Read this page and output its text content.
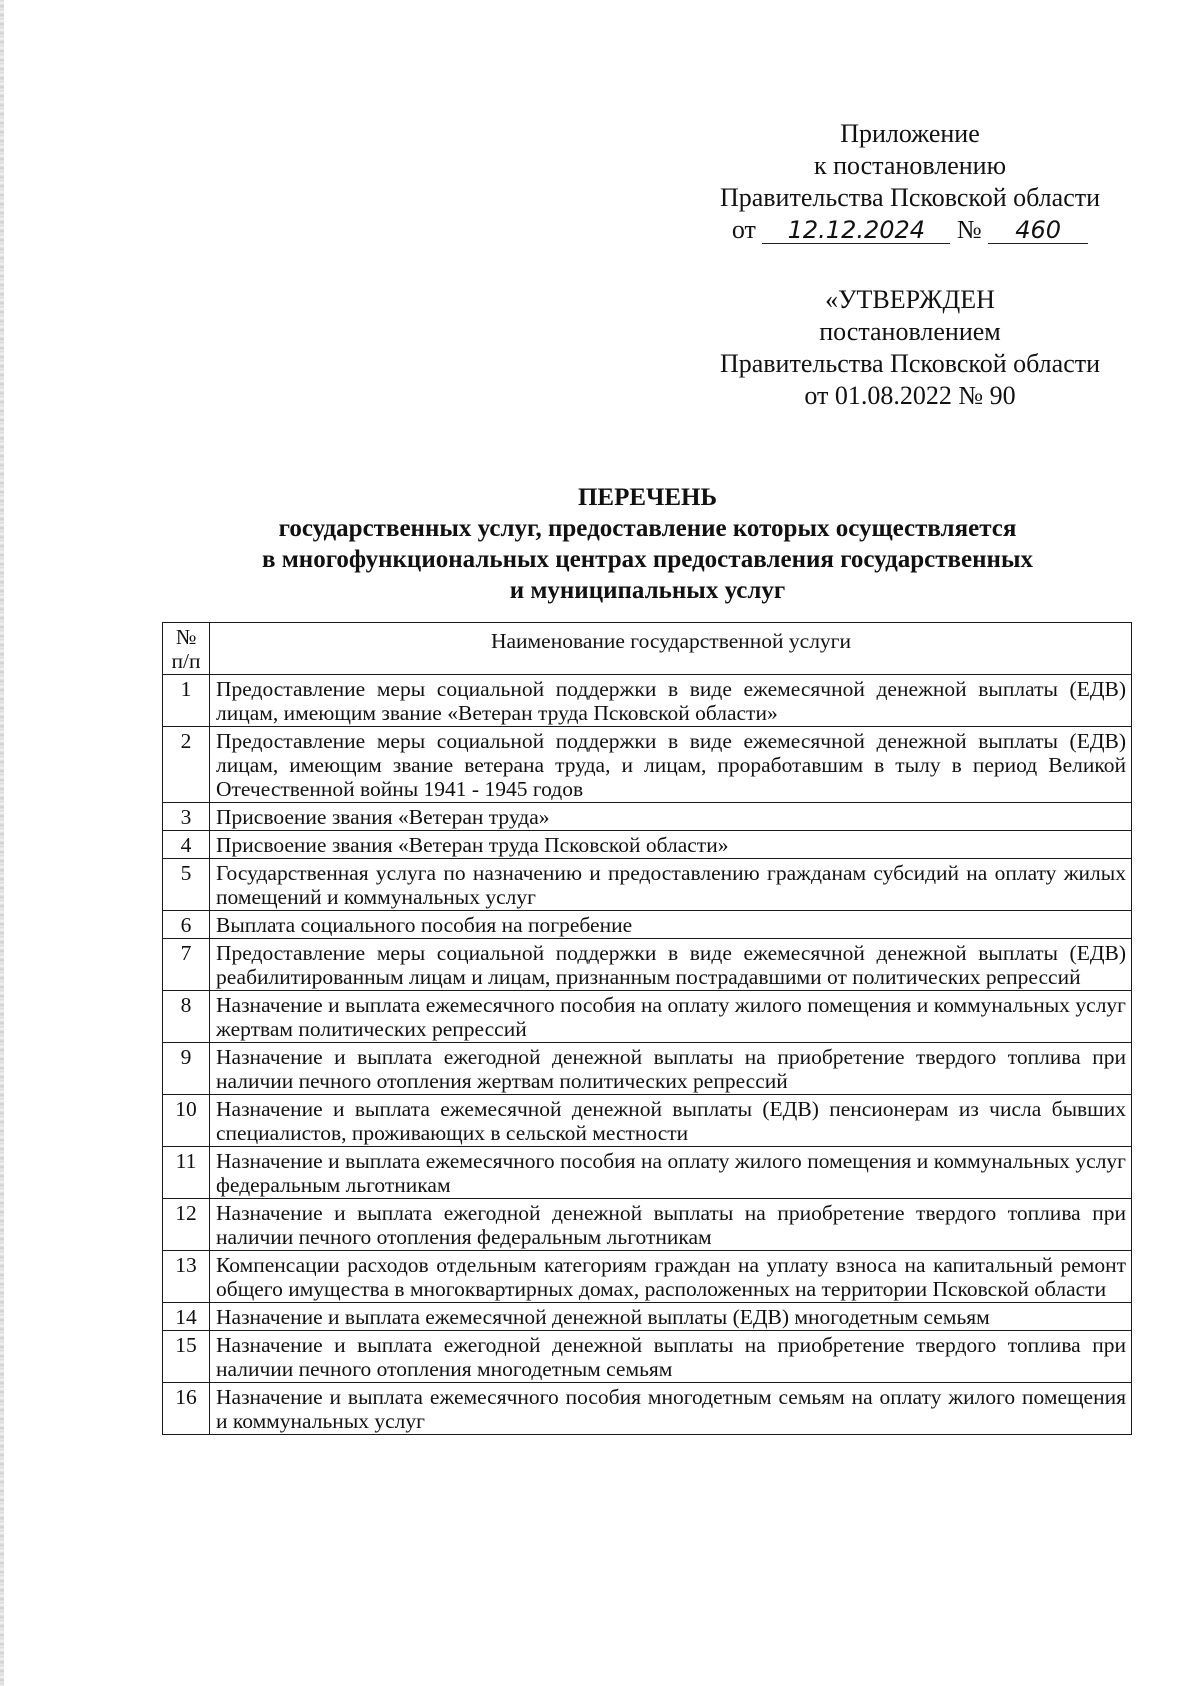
Приложение
к постановлению
Правительства Псковской области
от 12.12.2024 № 460
«УТВЕРЖДЕН
постановлением
Правительства Псковской области
от 01.08.2022 № 90
ПЕРЕЧЕНЬ
государственных услуг, предоставление которых осуществляется
в многофункциональных центрах предоставления государственных
и муниципальных услуг
№
п/п	Наименование государственной услуги
1	Предоставление меры социальной поддержки в виде ежемесячной денежной выплаты (ЕДВ) лицам, имеющим звание «Ветеран труда Псковской области»
2	Предоставление меры социальной поддержки в виде ежемесячной денежной выплаты (ЕДВ) лицам, имеющим звание ветерана труда, и лицам, проработавшим в тылу в период Великой Отечественной войны 1941 - 1945 годов
3	Присвоение звания «Ветеран труда»
4	Присвоение звания «Ветеран труда Псковской области»
5	Государственная услуга по назначению и предоставлению гражданам субсидий на оплату жилых помещений и коммунальных услуг
6	Выплата социального пособия на погребение
7	Предоставление меры социальной поддержки в виде ежемесячной денежной выплаты (ЕДВ) реабилитированным лицам и лицам, признанным пострадавшими от политических репрессий
8	Назначение и выплата ежемесячного пособия на оплату жилого помещения и коммунальных услуг жертвам политических репрессий
9	Назначение и выплата ежегодной денежной выплаты на приобретение твердого топлива при наличии печного отопления жертвам политических репрессий
10	Назначение и выплата ежемесячной денежной выплаты (ЕДВ) пенсионерам из числа бывших специалистов, проживающих в сельской местности
11	Назначение и выплата ежемесячного пособия на оплату жилого помещения и коммунальных услуг федеральным льготникам
12	Назначение и выплата ежегодной денежной выплаты на приобретение твердого топлива при наличии печного отопления федеральным льготникам
13	Компенсации расходов отдельным категориям граждан на уплату взноса на капитальный ремонт общего имущества в многоквартирных домах, расположенных на территории Псковской области
14	Назначение и выплата ежемесячной денежной выплаты (ЕДВ) многодетным семьям
15	Назначение и выплата ежегодной денежной выплаты на приобретение твердого топлива при наличии печного отопления многодетным семьям
16	Назначение и выплата ежемесячного пособия многодетным семьям на оплату жилого помещения и коммунальных услуг
